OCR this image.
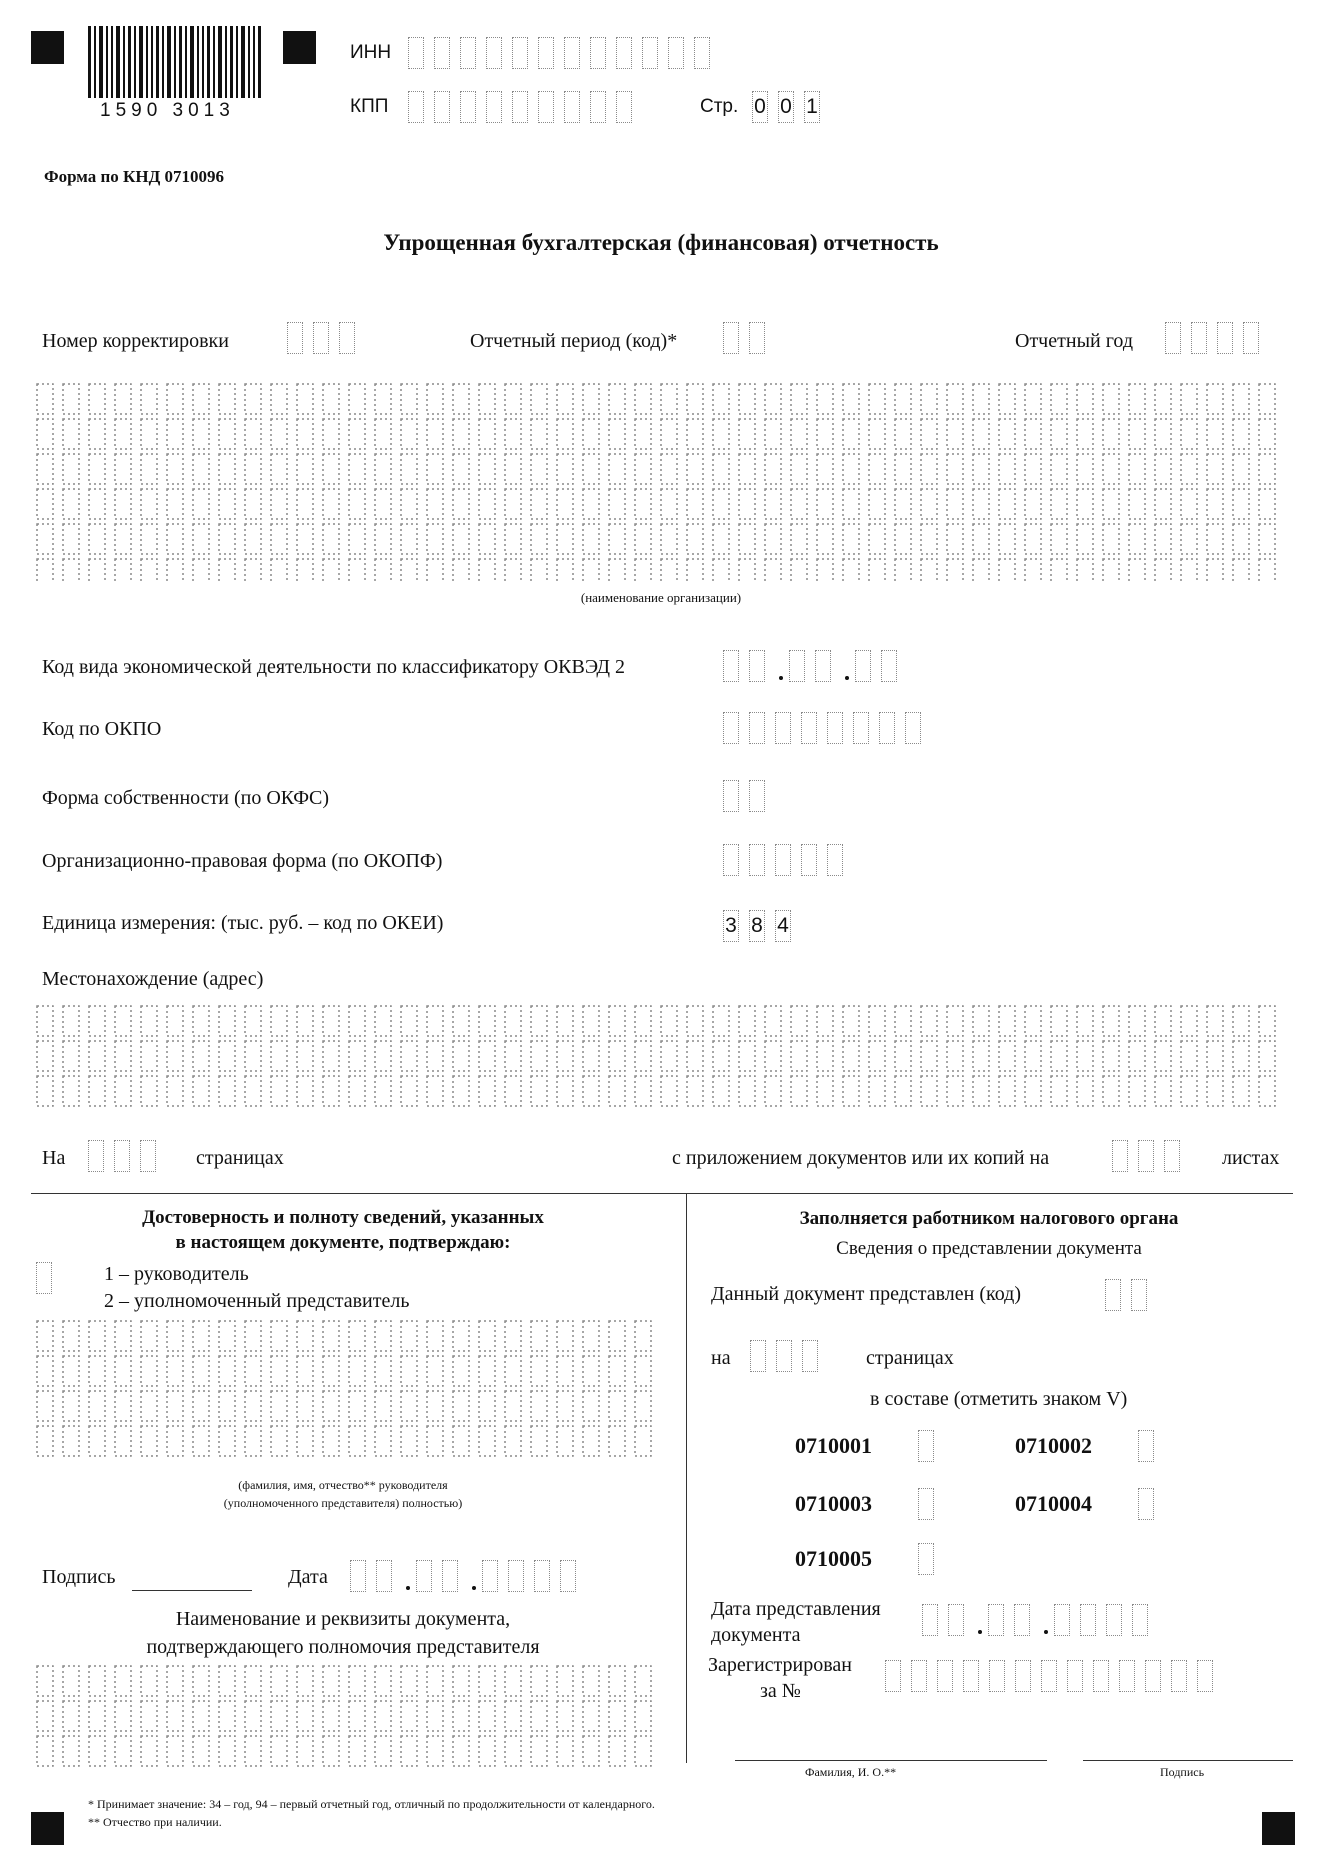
1590 3013
ИНН
КПП	Стр. 0 0 1
Форма по КНД 0710096
Упрощенная бухгалтерская (финансовая) отчетность
Номер корректировки	Отчетный период (код)*	Отчетный год
(наименование организации)
Код вида экономической деятельности по классификатору ОКВЭД 2
Код по ОКПО
Форма собственности (по ОКФС)
Организационно-правовая форма (по ОКОПФ)
Единица измерения: (тыс. руб. – код по ОКЕИ)	3 8 4
Местонахождение (адрес)
На	страницах	с приложением документов или их копий на	листах
Достоверность и полноту сведений, указанных
в настоящем документе, подтверждаю:
1 – руководитель
2 – уполномоченный представитель
(фамилия, имя, отчество** руководителя
(уполномоченного представителя) полностью)
Подпись	Дата
Наименование и реквизиты документа,
подтверждающего полномочия представителя
Заполняется работником налогового органа
Сведения о представлении документа
Данный документ представлен (код)
на	страницах
в составе (отметить знаком V)
0710001	0710002
0710003	0710004
0710005
Дата представления
документа
Зарегистрирован
за №
Фамилия, И. О.**	Подпись
* Принимает значение: 34 – год, 94 – первый отчетный год, отличный по продолжительности от календарного.
** Отчество при наличии.
